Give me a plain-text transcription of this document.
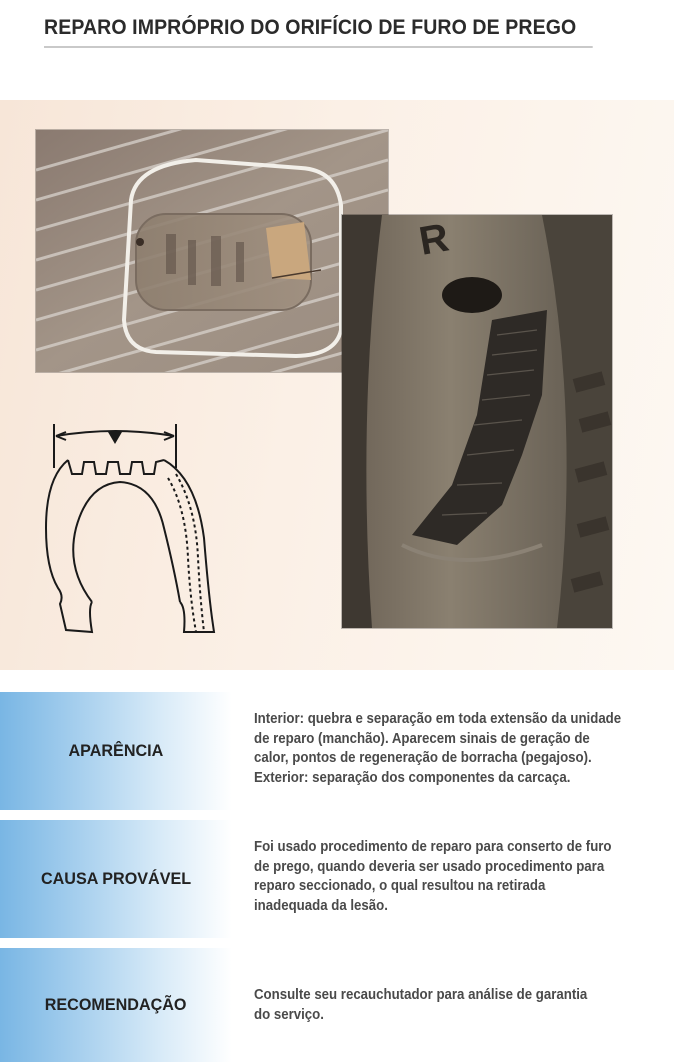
REPARO IMPRÓPRIO DO ORIFÍCIO DE FURO DE PREGO
R
APARÊNCIA
Interior: quebra e separação em toda extensão da unidade
de reparo (manchão). Aparecem sinais de geração de
calor, pontos de regeneração de borracha (pegajoso).
Exterior: separação dos componentes da carcaça.
CAUSA PROVÁVEL
Foi usado procedimento de reparo para conserto de furo
de prego, quando deveria ser usado procedimento para
reparo seccionado, o qual resultou na retirada
inadequada da lesão.
RECOMENDAÇÃO	Consulte seu recauchutador para análise de garantia
do serviço.
